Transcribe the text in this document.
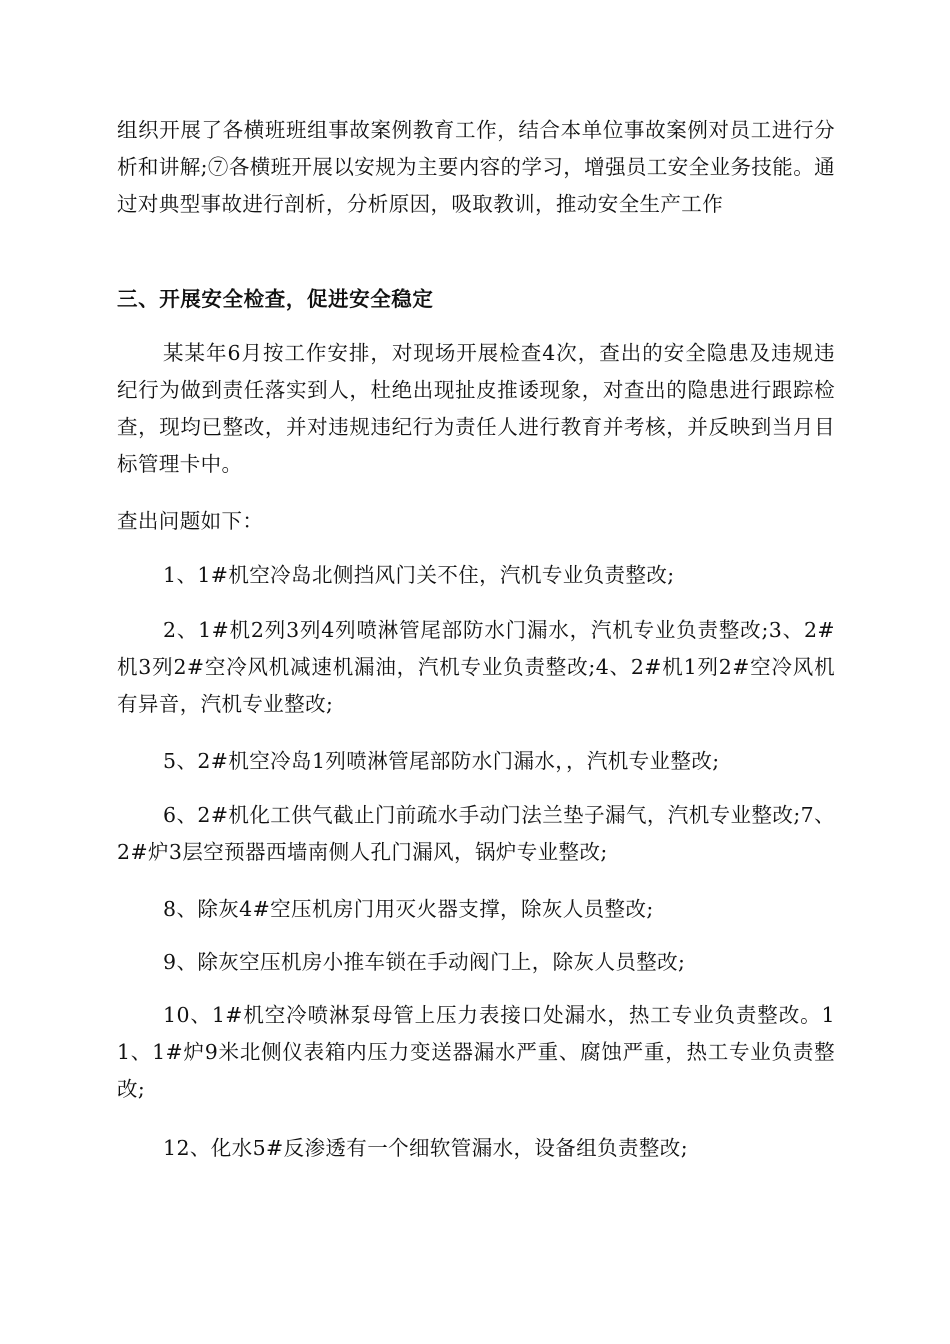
组织开展了各横班班组事故案例教育工作，结合本单位事故案例对员工进行分析和讲解;⑦各横班开展以安规为主要内容的学习，增强员工安全业务技能。通过对典型事故进行剖析，分析原因，吸取教训，推动安全生产工作

三、开展安全检查，促进安全稳定

某某年6月按工作安排，对现场开展检查4次，查出的安全隐患及违规违纪行为做到责任落实到人，杜绝出现扯皮推诿现象，对查出的隐患进行跟踪检查，现均已整改，并对违规违纪行为责任人进行教育并考核，并反映到当月目标管理卡中。

查出问题如下：

1、1#机空冷岛北侧挡风门关不住，汽机专业负责整改;

2、1#机2列3列4列喷淋管尾部防水门漏水，汽机专业负责整改;3、2#机3列2#空冷风机减速机漏油，汽机专业负责整改;4、2#机1列2#空冷风机有异音，汽机专业整改;

5、2#机空冷岛1列喷淋管尾部防水门漏水，，汽机专业整改;

6、2#机化工供气截止门前疏水手动门法兰垫子漏气，汽机专业整改;7、2#炉3层空预器西墙南侧人孔门漏风，锅炉专业整改;

8、除灰4#空压机房门用灭火器支撑，除灰人员整改;

9、除灰空压机房小推车锁在手动阀门上，除灰人员整改;

10、1#机空冷喷淋泵母管上压力表接口处漏水，热工专业负责整改。11、1#炉9米北侧仪表箱内压力变送器漏水严重、腐蚀严重，热工专业负责整改;

12、化水5#反渗透有一个细软管漏水，设备组负责整改;
